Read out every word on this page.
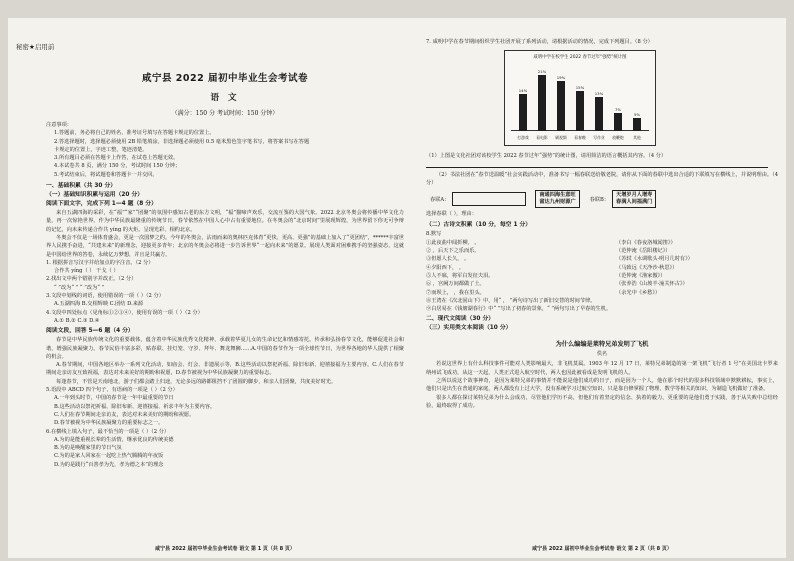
秘密★启用前
咸宁县 2022 届初中毕业生会考试卷
语 文
（满分：150 分 考试时间：150 分钟）
注意事项：
1.答题前，务必将自己的姓名、准考证号填写在答题卡规定的位置上。
2.答选择题时，选择题必须使用 2B 铅笔填涂，非选择题必须使用 0.5 毫米黑色签字笔书写，将答案书写在答题
卡规定的位置上，字迹工整，笔迹清楚。
3.所有题目必须在答题卡上作答，在试卷上答题无效。
4.本试卷共 8 页，满分 150 分，考试时间 150 分钟；
5.考试结束后，将试题卷和答题卡一并交回。
一、基础积累（共 30 分）
（一）基础知识积累与运用（20 分）
阅读下面文字，完成下列 1—4 题（8 分）
来自五湖四海的采彩，在“福”“家”“团聚”的氛围中感知古老的东方文明，“福”猫啼声欢乐，交流互鉴的大国气象。2022 北京冬奥会将传播中华文化力量，再一次惊艳世界。作为中华民族最隆重的传统节日，春节依然在中国人心中占有重要地位。在冬奥会的“北京时间”里展现辉煌，为世界留下你无可争辩的记忆，向未来传递合作共 yíng 的火炬。呈现光彩、相约北京。
冬奥会不仅是一场体育盛会，更是一次国梦之约。今年的冬奥会，沾雨而来的奥林匹克体育“更快、更高、更强”的基础上加入了“更团结”，******丰富世界人民携手奋进，“共建未来”的新理念，迎接更多青年；北京的冬奥会必将进一步告诉世界“一起向未来”的愿景。展现人类面对困难携手的坚强姿态，这就是中国给世界的答卷，永续亿万梦想，并且是共赢方。
1. 根据拼音写汉字并给加点的字注音。（2 分）
合作共 yíng（ ） 干戈（ ）
2.找出文中两个错别字并改正。（2 分）
“ ”改为“ ” “ ”改为“ ”
3.文段中划线的词语，使用错误的一项（ ）（2 分）
A.五湖四海 B.交相辉映 C.团结 D.来源
4.文段中四处标点（见角标①②③④），使用有误的一项（ ）（2 分）
A.① B.② C.③ D.④
阅读文段，回答 5—6 题（4 分）
春节是中华民族传统文化的重要载体，蕴含着中华民族优秀文化精神，承载着华夏儿女的生命记忆和情感寄托。传承和弘扬春节文化，能够促进社会和谐，增强民族凝聚力。春节民俗丰富多彩，贴春联、挂灯笼、守岁、拜年、舞龙舞狮……A.中国的春节作为一项全球性节日，为世界各地的华人提供了相聚的机会。
A.春节期间，中国各地区举办一系列文化活动，如庙会、灯会、非遗展示等，B.这些活动以祭祀祈福、除旧布新、迎禧接福为主要内容。C.人们在春节期间走亲访友互致祝福，表达对未来美好的期盼和祝愿，D.春节被视为中华民族凝聚力的重要标志。
每逢春节，不管是天南地北，游子们都会踏上归途，无论多远的路都阻挡不了团圆的脚步，和亲人们团聚，共度美好时光。
5.语段中 ABCD 四个句子，有语病的一项是（ ）（2 分）
A.一年到头时节，中国的春节是一年中最重要的节日
B.这些活动以祭祀祈福、除旧布新、迎禧接福、祈求丰年为主要内容。
C.人们在春节期间走亲访友，表达对未来美好的期盼和祝愿。
D.春节被视为中华民族凝聚力的重要标志之一。
6.在横线上填入句子，最不恰当的一项是（ ）（2 分）
A.为的是能重视长辈的生活情，继承优良的传统美德
B.为的是唤醒家里的节日气氛
C.为的是家人回家在一起吃上热气腾腾的年夜饭
D.为的是践行“百善孝为先，孝为德之本”的理念
咸宁县 2022 届初中毕业生会考试卷 语文 第 1 页（共 8 页）
7. 咸明中学在春节期间组织学生社团开展了系列活动，请根据活动的情况，完成下列题目。（8 分）
咸明中学在校学生 2022 春节过年“强势”统计图
14%
打游戏
21%
看电影
19%
刷视频
15%
看春晚
13%
写作业
7%
放鞭炮
5%
其他
（1）上图是文化社团对该校学生 2022 春节过年“强势”的统计图，请用简洁的语言概括其内容。（4 分）
（2）书法社团在“春节送温暖”社会实践活动中，准备书写一幅春联送给敬老院，请你从下面的春联中选出合适的下联填写在横线上，并说明理由。（4 分）
春联A：
南通四海生意旺
富达九州财源广	春联B：
天增岁月人增寿
春满人间福满门
选择春联（ ），理由：
（二）古诗文积累（10 分，每空 1 分）
8.默写
①此夜曲中闻折柳， 。	（李白《春夜洛城闻笛》）
② ，后天下之乐而乐。	（范仲淹《岳阳楼记》）
③但愿人长久， 。	（苏轼《水调歌头·明月几时有》）
④夕阳西下， 。	（马致远《天净沙·秋思》）
⑤人不寐，将军白发征夫泪。	（范仲淹《渔家傲》）
⑥ ，宫阙万间都做了土。	（张养浩《山坡羊·潼关怀古》）
⑦而坝上， ，我在里头。	（余光中《乡愁》）
⑧王湾在《次北固山下》中，用“ ， ”两句诗写出了新旧交替的时间节律。
⑨白居易在《钱塘湖春行》中“ ”写出了初春的景象，“ ”两句写出了早春的生机。
二、现代文阅读（30 分）
（三）实用类文本阅读（10 分）
为什么编编是莱特兄弟发明了飞机
佚名
若说这世界上有什么科技事件可能对人类影响最大，非飞机莫属。1903 年 12 月 17 日，莱特兄弟制造的第一架飞机“飞行者 1 号”在美国北卡罗来纳州试飞成功，从这一天起，人类正式进入航空时代，两人也因此被看成是发明飞机的人。
之所以说这个故事神奇，是因为莱特兄弟的事情并不能说是他们成功的日子，而是因为一个人，他在那个时代的很多科技领域中默默耕耘，事实上，他们只是出生在普通的家庭，两人都没有上过大学，没有系统学习过航空知识，只是靠自修掌握了物理、数学等相关的知识，为制造飞机做好了准备。
很多人都在探讨莱特兄弟为什么会成功，尽管他们学历不高，但他们有着坚定的信念、执着的毅力，更重要的是他们勇于实践，善于从失败中总结经验，最终取得了成功。
咸宁县 2022 届初中毕业生会考试卷 语文 第 2 页（共 8 页）
